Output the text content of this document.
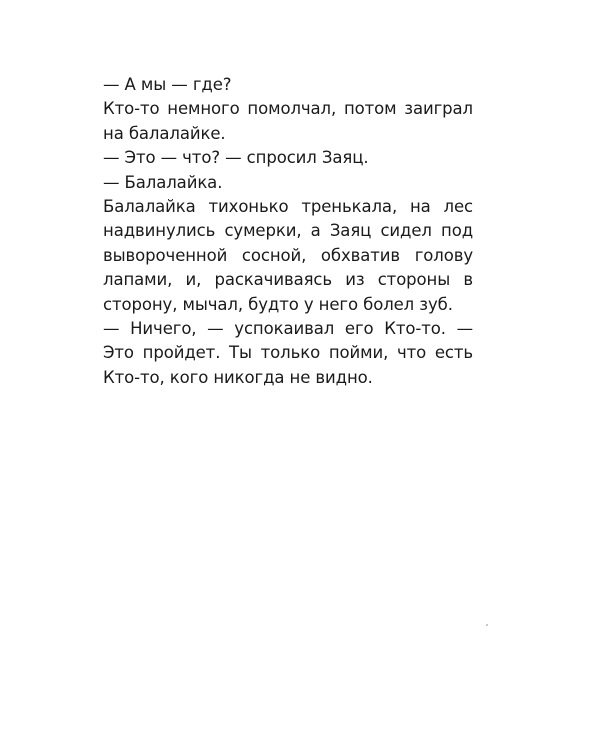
— А мы — где?

Кто-то немного помолчал, потом заиграл на балалайке.

— Это — что? — спросил Заяц.

— Балалайка.

Балалайка тихонько тренькала, на лес надвинулись сумерки, а Заяц сидел под вывороченной сосной, обхватив голову лапами, и, раскачиваясь из стороны в сторону, мычал, будто у него болел зуб.

— Ничего, — успокаивал его Кто-то. — Это пройдет. Ты только пойми, что есть Кто-то, кого никогда не видно.
